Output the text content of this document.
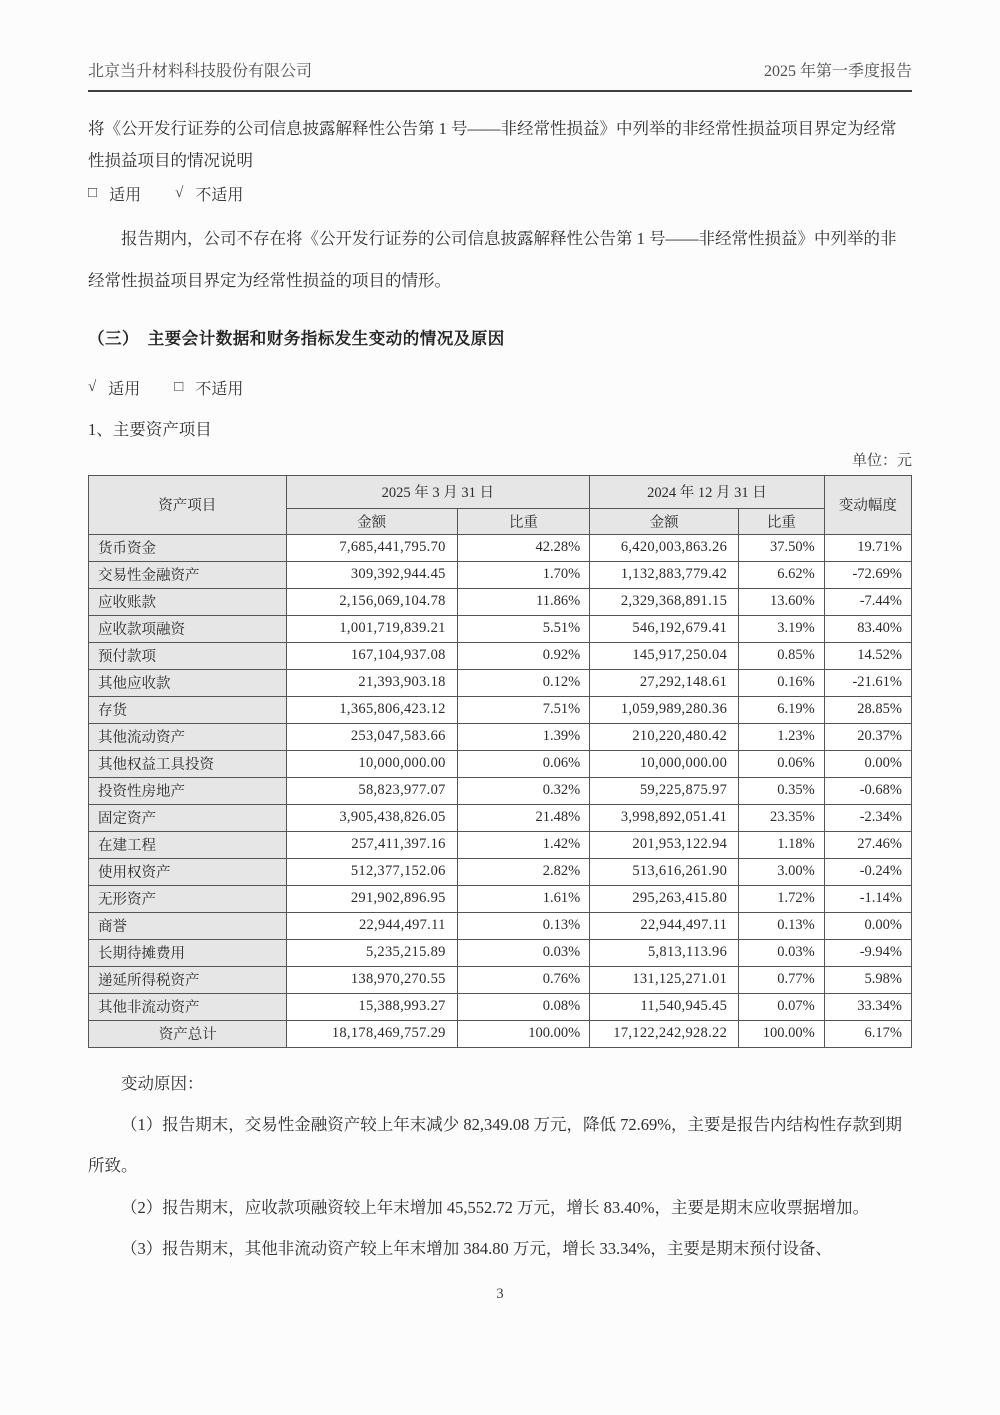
北京当升材料科技股份有限公司	2025 年第一季度报告

将《公开发行证券的公司信息披露解释性公告第 1 号——非经常性损益》中列举的非经常性损益项目界定为经常性损益项目的情况说明

□ 适用 √ 不适用

报告期内，公司不存在将《公开发行证券的公司信息披露解释性公告第 1 号——非经常性损益》中列举的非经常性损益项目界定为经常性损益的项目的情形。

（三）　主要会计数据和财务指标发生变动的情况及原因
√ 适用 □ 不适用

1、主要资产项目

单位：元
资产项目	2025 年 3 月 31 日		2024 年 12 月 31 日		变动幅度
	金额	比重	金额	比重	
货币资金	7,685,441,795.70	42.28%	6,420,003,863.26	37.50%	19.71%
交易性金融资产	309,392,944.45	1.70%	1,132,883,779.42	6.62%	-72.69%
应收账款	2,156,069,104.78	11.86%	2,329,368,891.15	13.60%	-7.44%
应收款项融资	1,001,719,839.21	5.51%	546,192,679.41	3.19%	83.40%
预付款项	167,104,937.08	0.92%	145,917,250.04	0.85%	14.52%
其他应收款	21,393,903.18	0.12%	27,292,148.61	0.16%	-21.61%
存货	1,365,806,423.12	7.51%	1,059,989,280.36	6.19%	28.85%
其他流动资产	253,047,583.66	1.39%	210,220,480.42	1.23%	20.37%
其他权益工具投资	10,000,000.00	0.06%	10,000,000.00	0.06%	0.00%
投资性房地产	58,823,977.07	0.32%	59,225,875.97	0.35%	-0.68%
固定资产	3,905,438,826.05	21.48%	3,998,892,051.41	23.35%	-2.34%
在建工程	257,411,397.16	1.42%	201,953,122.94	1.18%	27.46%
使用权资产	512,377,152.06	2.82%	513,616,261.90	3.00%	-0.24%
无形资产	291,902,896.95	1.61%	295,263,415.80	1.72%	-1.14%
商誉	22,944,497.11	0.13%	22,944,497.11	0.13%	0.00%
长期待摊费用	5,235,215.89	0.03%	5,813,113.96	0.03%	-9.94%
递延所得税资产	138,970,270.55	0.76%	131,125,271.01	0.77%	5.98%
其他非流动资产	15,388,993.27	0.08%	11,540,945.45	0.07%	33.34%
资产总计	18,178,469,757.29	100.00%	17,122,242,928.22	100.00%	6.17%

变动原因：

（1）报告期末，交易性金融资产较上年末减少 82,349.08 万元，降低 72.69%，主要是报告内结构性存款到期所致。

（2）报告期末，应收款项融资较上年末增加 45,552.72 万元，增长 83.40%，主要是期末应收票据增加。

（3）报告期末，其他非流动资产较上年末增加 384.80 万元，增长 33.34%，主要是期末预付设备、

3
